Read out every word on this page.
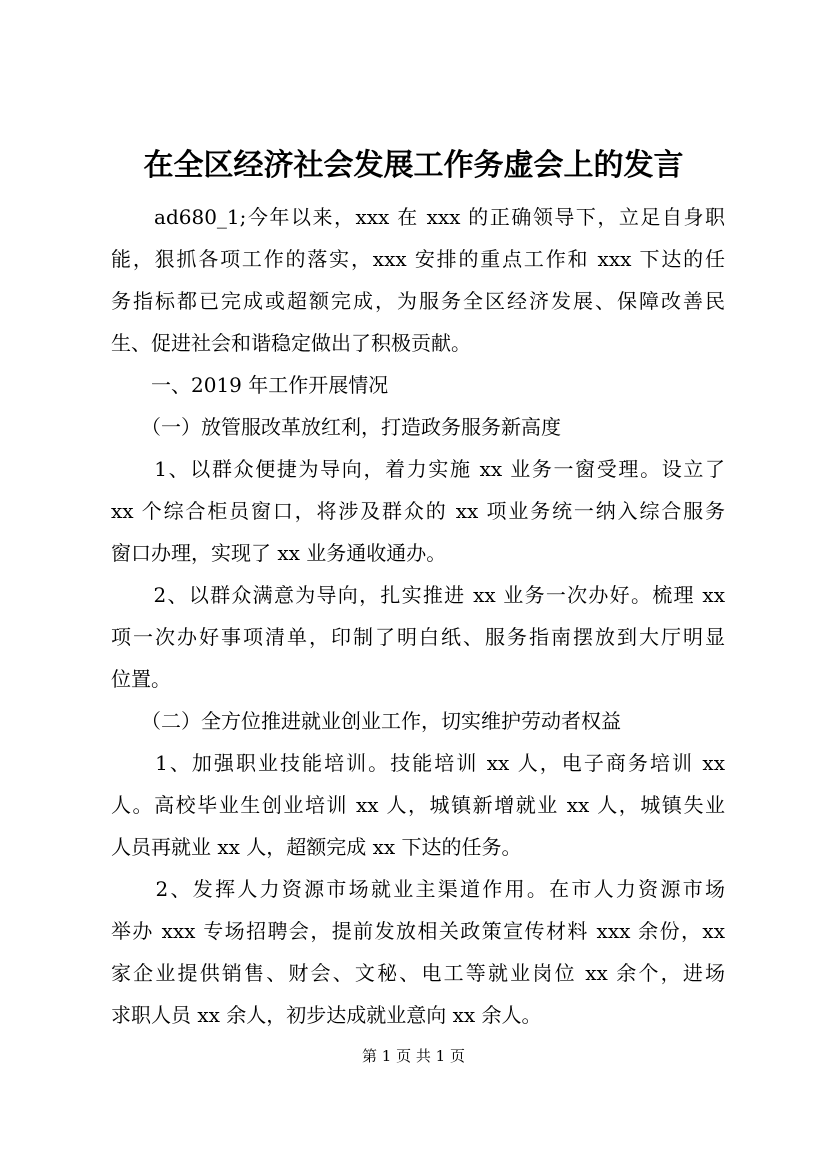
在全区经济社会发展工作务虚会上的发言
　　ad680_1;今年以来，xxx 在 xxx 的正确领导下，立足自身职
能，狠抓各项工作的落实，xxx 安排的重点工作和 xxx 下达的任
务指标都已完成或超额完成，为服务全区经济发展、保障改善民
生、促进社会和谐稳定做出了积极贡献。
　　一、2019 年工作开展情况
　　（一）放管服改革放红利，打造政务服务新高度
　　1、以群众便捷为导向，着力实施 xx 业务一窗受理。设立了
xx 个综合柜员窗口，将涉及群众的 xx 项业务统一纳入综合服务
窗口办理，实现了 xx 业务通收通办。
　　2、以群众满意为导向，扎实推进 xx 业务一次办好。梳理 xx
项一次办好事项清单，印制了明白纸、服务指南摆放到大厅明显
位置。
　　（二）全方位推进就业创业工作，切实维护劳动者权益
　　1、加强职业技能培训。技能培训 xx 人，电子商务培训 xx
人。高校毕业生创业培训 xx 人，城镇新增就业 xx 人，城镇失业
人员再就业 xx 人，超额完成 xx 下达的任务。
　　2、发挥人力资源市场就业主渠道作用。在市人力资源市场
举办 xxx 专场招聘会，提前发放相关政策宣传材料 xxx 余份，xx
家企业提供销售、财会、文秘、电工等就业岗位 xx 余个，进场
求职人员 xx 余人，初步达成就业意向 xx 余人。
第 1 页 共 1 页
